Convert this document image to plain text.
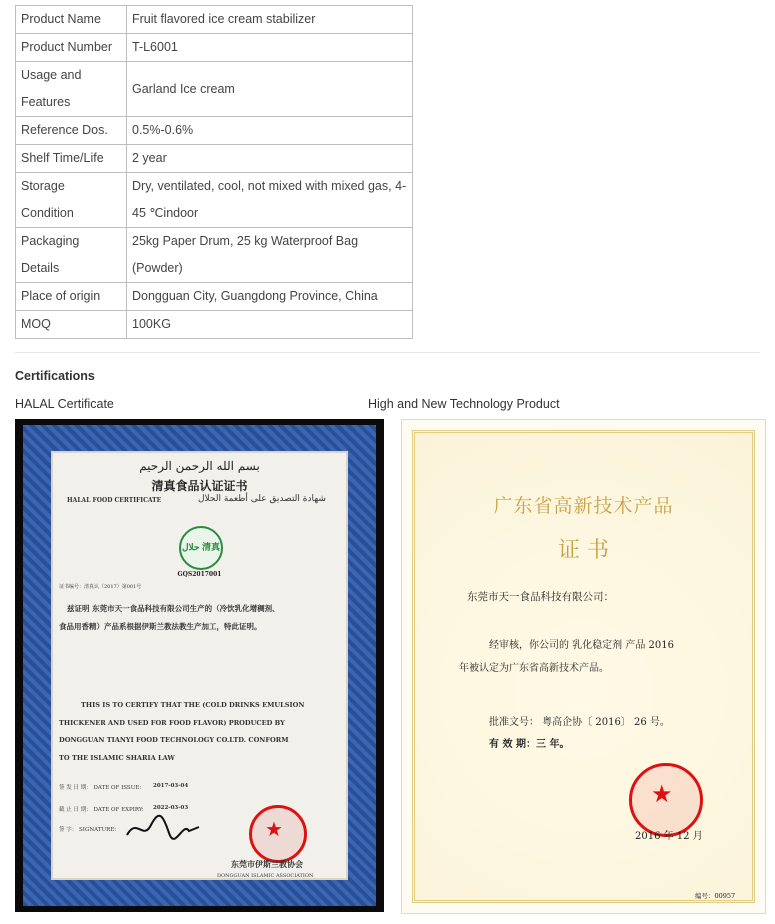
Product Name	Fruit flavored ice cream stabilizer
Product Number	T-L6001
Usage and Features	Garland Ice cream
Reference Dos.	0.5%-0.6%
Shelf Time/Life	2 year
Storage Condition	Dry, ventilated, cool, not mixed with mixed gas, 4-45 ℃indoor
Packaging Details	25kg Paper Drum, 25 kg Waterproof Bag (Powder)
Place of origin	Dongguan City, Guangdong Province, China
MOQ	100KG
Certifications
HALAL Certificate	High and New Technology Product
بسم الله الرحمن الرحيم
清真食品认证证书
HALAL FOOD CERTIFICATE	شهادة التصديق على أطعمة الحلال
حلال 清真
GQS2017001
证书编号：清真认（2017）第001号
兹证明 东莞市天一食品科技有限公司生产的（冷饮乳化增稠剂、
食品用香精）产品系根据伊斯兰教法教生产加工，特此证明。
THIS IS TO CERTIFY THAT THE (COLD DRINKS EMULSION
THICKENER AND USED FOR FOOD FLAVOR) PRODUCED BY
DONGGUAN TIANYI FOOD TECHNOLOGY CO.LTD. CONFORM
TO THE ISLAMIC SHARIA LAW
签 发 日 期： DATE OF ISSUE: 2017-03-04
截 止 日 期： DATE OF EXPIRY: 2022-03-03
签 字： SIGNATURE:	★
东莞市伊斯兰教协会
DONGGUAN ISLAMIC ASSOCIATION
广东省高新技术产品
证 书
东莞市天一食品科技有限公司：
经审核，你公司的 乳化稳定剂 产品 2016
年被认定为广东省高新技术产品。
批准文号： 粤高企协〔 2016〕 26 号。
有 效 期：三 年。
★
2016 年 12 月
编号：00957
